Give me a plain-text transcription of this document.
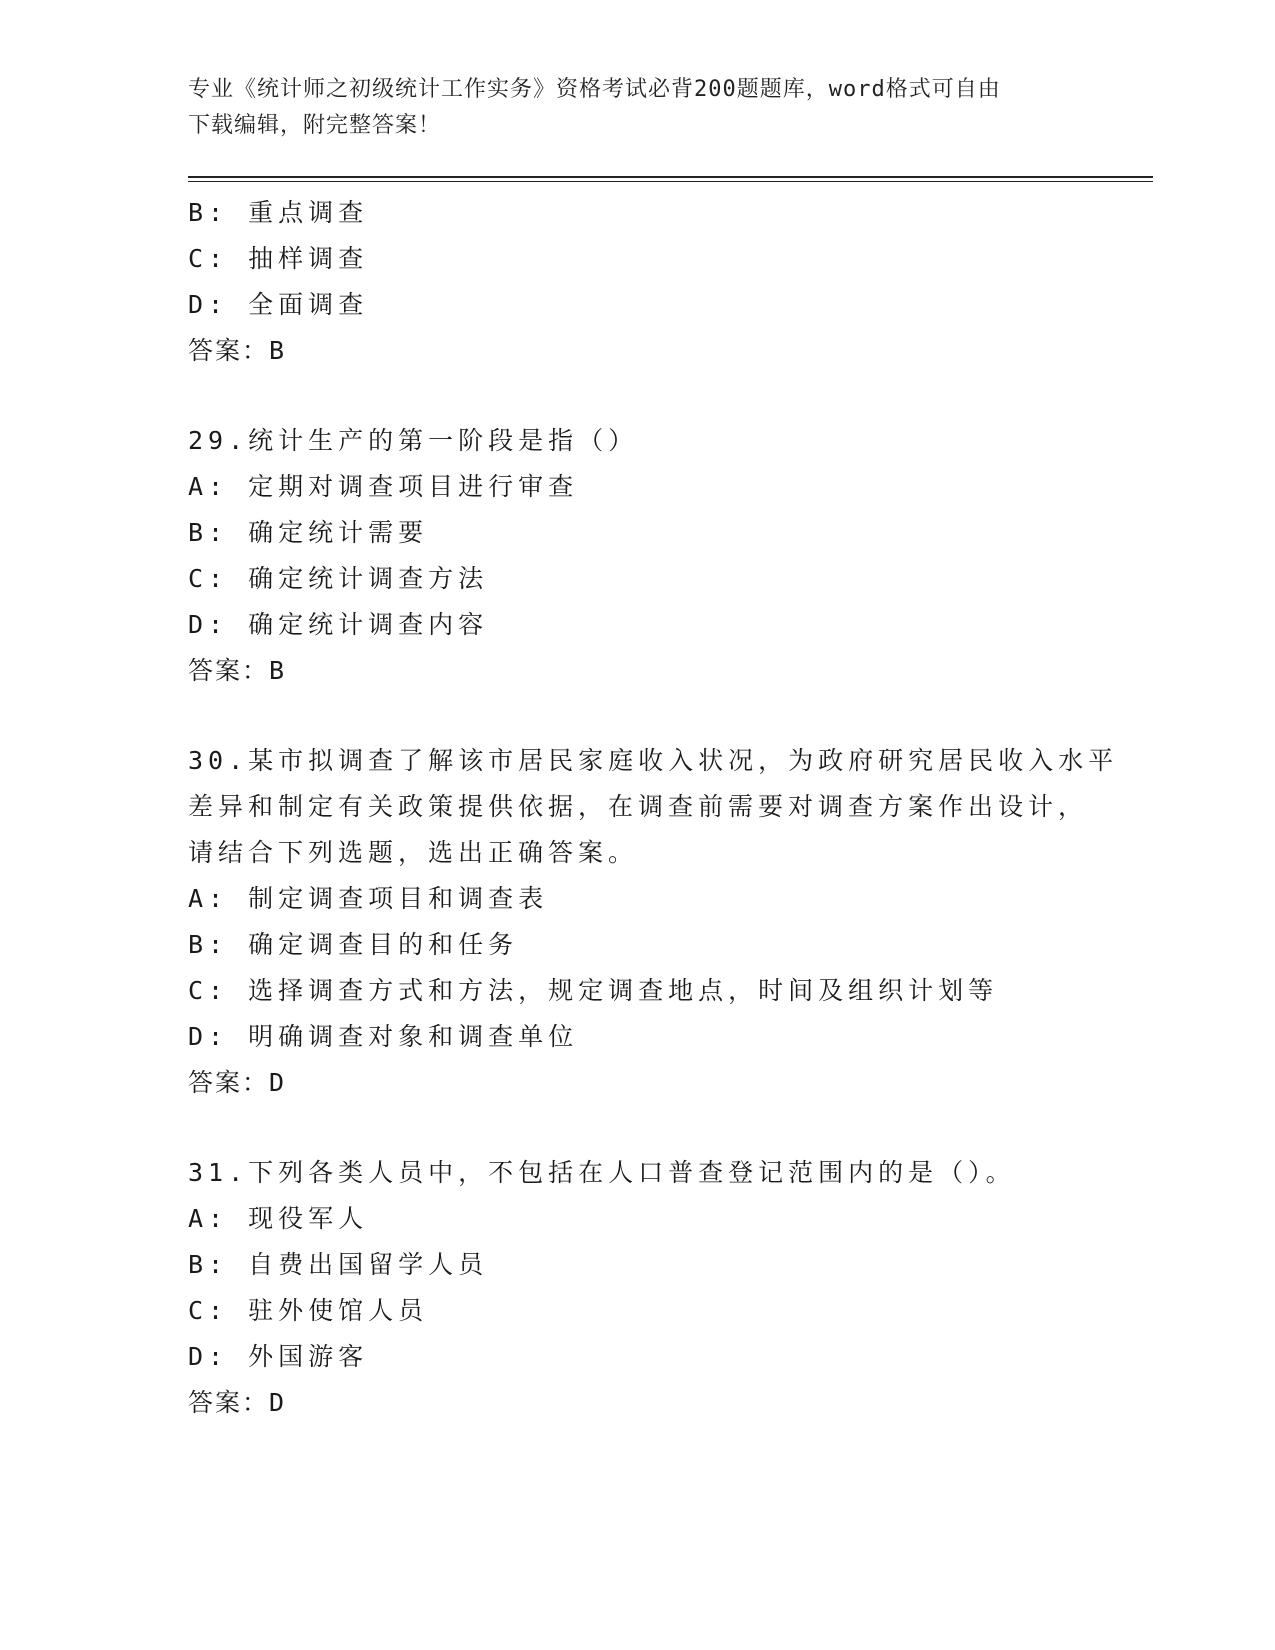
专业《统计师之初级统计工作实务》资格考试必背200题题库，word格式可自由
下载编辑，附完整答案！
B: 重点调查
C: 抽样调查
D: 全面调查
答案：B
29.统计生产的第一阶段是指（）
A: 定期对调查项目进行审查
B: 确定统计需要
C: 确定统计调查方法
D: 确定统计调查内容
答案：B
30.某市拟调查了解该市居民家庭收入状况，为政府研究居民收入水平
差异和制定有关政策提供依据，在调查前需要对调查方案作出设计，
请结合下列选题，选出正确答案。
A: 制定调查项目和调查表
B: 确定调查目的和任务
C: 选择调查方式和方法，规定调查地点，时间及组织计划等
D: 明确调查对象和调查单位
答案：D
31.下列各类人员中，不包括在人口普查登记范围内的是（）。
A: 现役军人
B: 自费出国留学人员
C: 驻外使馆人员
D: 外国游客
答案：D
